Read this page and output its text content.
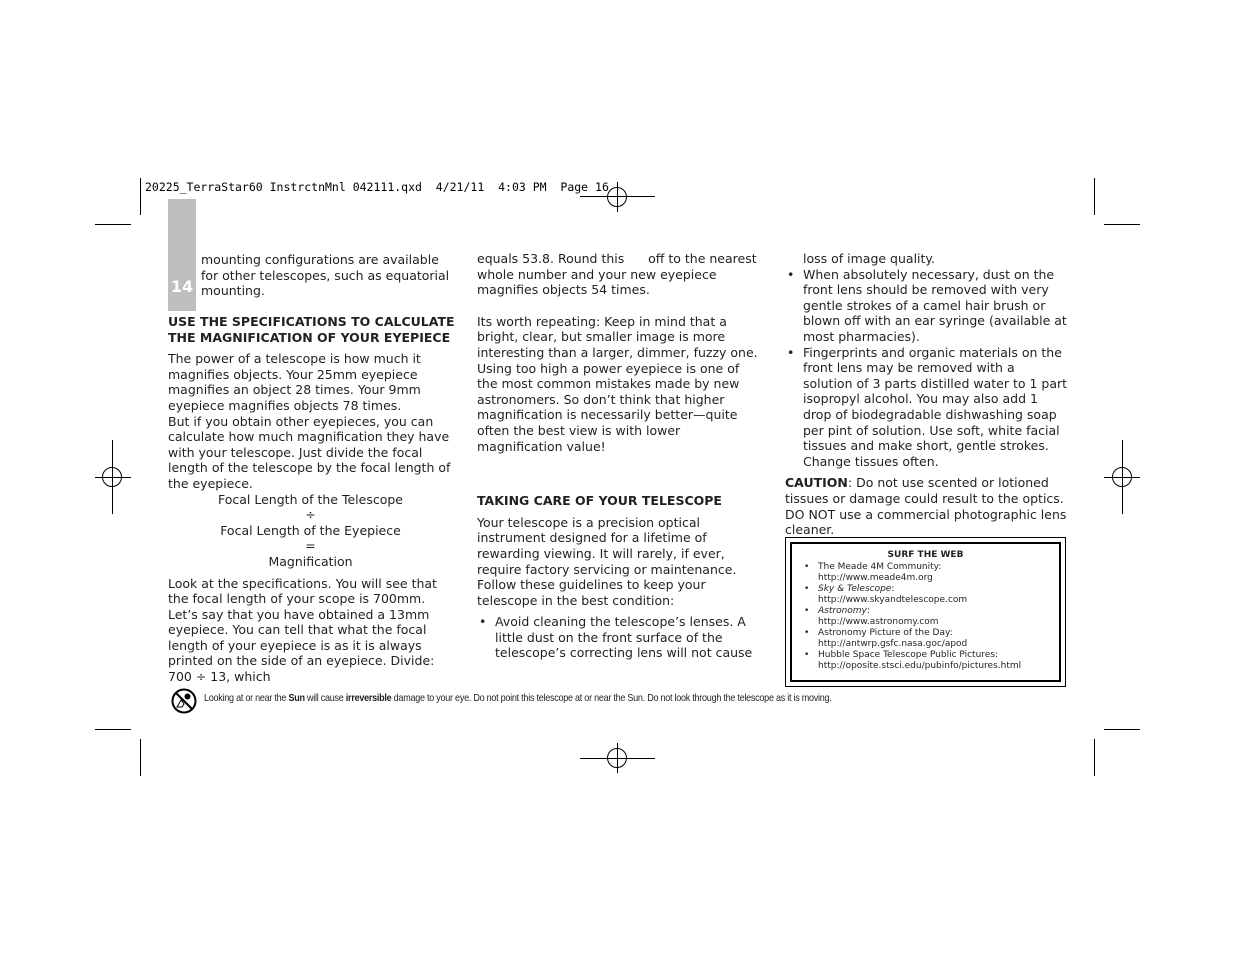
20225_TerraStar60 InstrctnMnl 042111.qxd  4/21/11  4:03 PM  Page 16
14

mounting configurations are available for other telescopes, such as equatorial mounting.

USE THE SPECIFICATIONS TO CALCULATE

THE MAGNIFICATION OF YOUR EYEPIECE

The power of a telescope is how much it magnifies objects. Your 25mm eyepiece magnifies an object 28 times. Your 9mm eyepiece magnifies objects 78 times.

But if you obtain other eyepieces, you can calculate how much magnification they have with your telescope. Just divide the focal length of the telescope by the focal length of the eyepiece.

Focal Length of the Telescope

÷

Focal Length of the Eyepiece

=

Magnification

Look at the specifications. You will see that the focal length of your scope is 700mm. Let’s say that you have obtained a 13mm eyepiece. You can tell that what the focal length of your eyepiece is as it is always printed on the side of an eyepiece. Divide: 700 ÷ 13, which

equals 53.8. Round this      off to the nearest whole number and your new eyepiece magnifies objects 54 times.

Its worth repeating: Keep in mind that a bright, clear, but smaller image is more interesting than a larger, dimmer, fuzzy one. Using too high a power eyepiece is one of the most common mistakes made by new astronomers. So don’t think that higher magnification is necessarily better—quite often the best view is with lower magnification value!

TAKING CARE OF YOUR TELESCOPE

Your telescope is a precision optical instrument designed for a lifetime of rewarding viewing. It will rarely, if ever, require factory servicing or maintenance. Follow these guidelines to keep your telescope in the best condition:

• Avoid cleaning the telescope’s lenses. A little dust on the front surface of the telescope’s correcting lens will not cause
loss of image quality.
• When absolutely necessary, dust on the front lens should be removed with very gentle strokes of a camel hair brush or blown off with an ear syringe (available at most pharmacies).
• Fingerprints and organic materials on the front lens may be removed with a solution of 3 parts distilled water to 1 part isopropyl alcohol. You may also add 1 drop of biodegradable dishwashing soap per pint of solution. Use soft, white facial tissues and make short, gentle strokes. Change tissues often.

CAUTION: Do not use scented or lotioned tissues or damage could result to the optics. DO NOT use a commercial photographic lens cleaner.

SURF THE WEB
• The Meade 4M Community:
http://www.meade4m.org
• Sky & Telescope:
http://www.skyandtelescope.com
• Astronomy:
http://www.astronomy.com
• Astronomy Picture of the Day:
http://antwrp.gsfc.nasa.goc/apod
• Hubble Space Telescope Public Pictures:
http://oposite.stsci.edu/pubinfo/pictures.html
Looking at or near the Sun will cause irreversible damage to your eye. Do not point this telescope at or near the Sun. Do not look through the telescope as it is moving.
